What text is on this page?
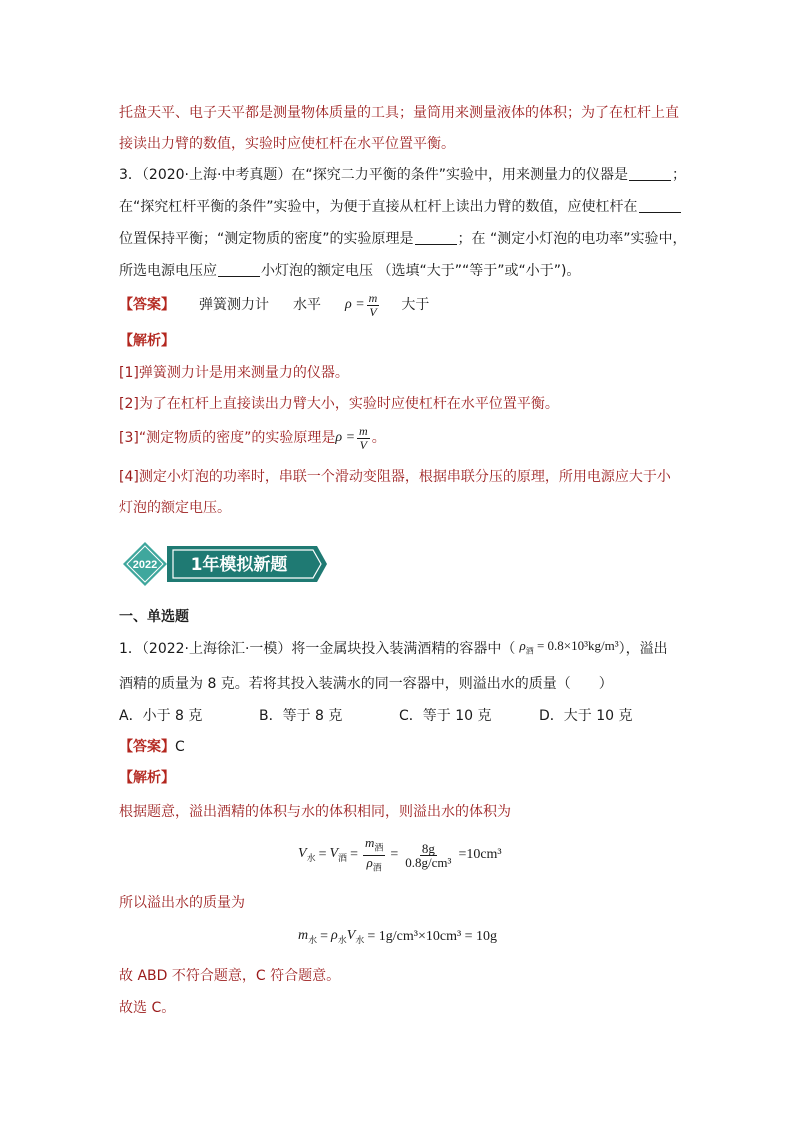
托盘天平、电子天平都是测量物体质量的工具；量筒用来测量液体的体积；为了在杠杆上直
接读出力臂的数值，实验时应使杠杆在水平位置平衡。
3．（2020·上海·中考真题）在“探究二力平衡的条件”实验中，用来测量力的仪器是	；
在“探究杠杆平衡的条件”实验中，为便于直接从杠杆上读出力臂的数值，应使杠杆在
位置保持平衡；“测定物质的密度”的实验原理是	；在 “测定小灯泡的电功率”实验中，
所选电源电压应	小灯泡的额定电压 （选填“大于”“等于”或“小于”)。
【答案】 弹簧测力计 水平 $\rho = \frac{m}{V}$ 大于
【解析】
[1]弹簧测力计是用来测量力的仪器。
[2]为了在杠杆上直接读出力臂大小，实验时应使杠杆在水平位置平衡。
[3]“测定物质的密度”的实验原理是 $\rho = \frac{m}{V}$ 。
[4]测定小灯泡的功率时，串联一个滑动变阻器，根据串联分压的原理，所用电源应大于小
灯泡的额定电压。
2022 1年模拟新题
一、单选题
1．（2022·上海徐汇·一模）将一金属块投入装满酒精的容器中（ $\rho_酒 = 0.8\times 10^3kg/m^3$ ），溢出
酒精的质量为 8 克。若将其投入装满水的同一容器中，则溢出水的质量（　　）
A．小于 8 克	B．等于 8 克	C．等于 10 克	D．大于 10 克
【答案】C
【解析】
根据题意，溢出酒精的体积与水的体积相同，则溢出水的体积为
$V_水 = V_酒 = \frac{m_酒}{\rho_酒} = \frac{8g}{\text{0.8g/cm³}} =10cm^3$
所以溢出水的质量为
$m_水 = \rho_水V_水 = 1g/cm^3\times 10cm^3 = 10g$
故 ABD 不符合题意，C 符合题意。
故选 C。
